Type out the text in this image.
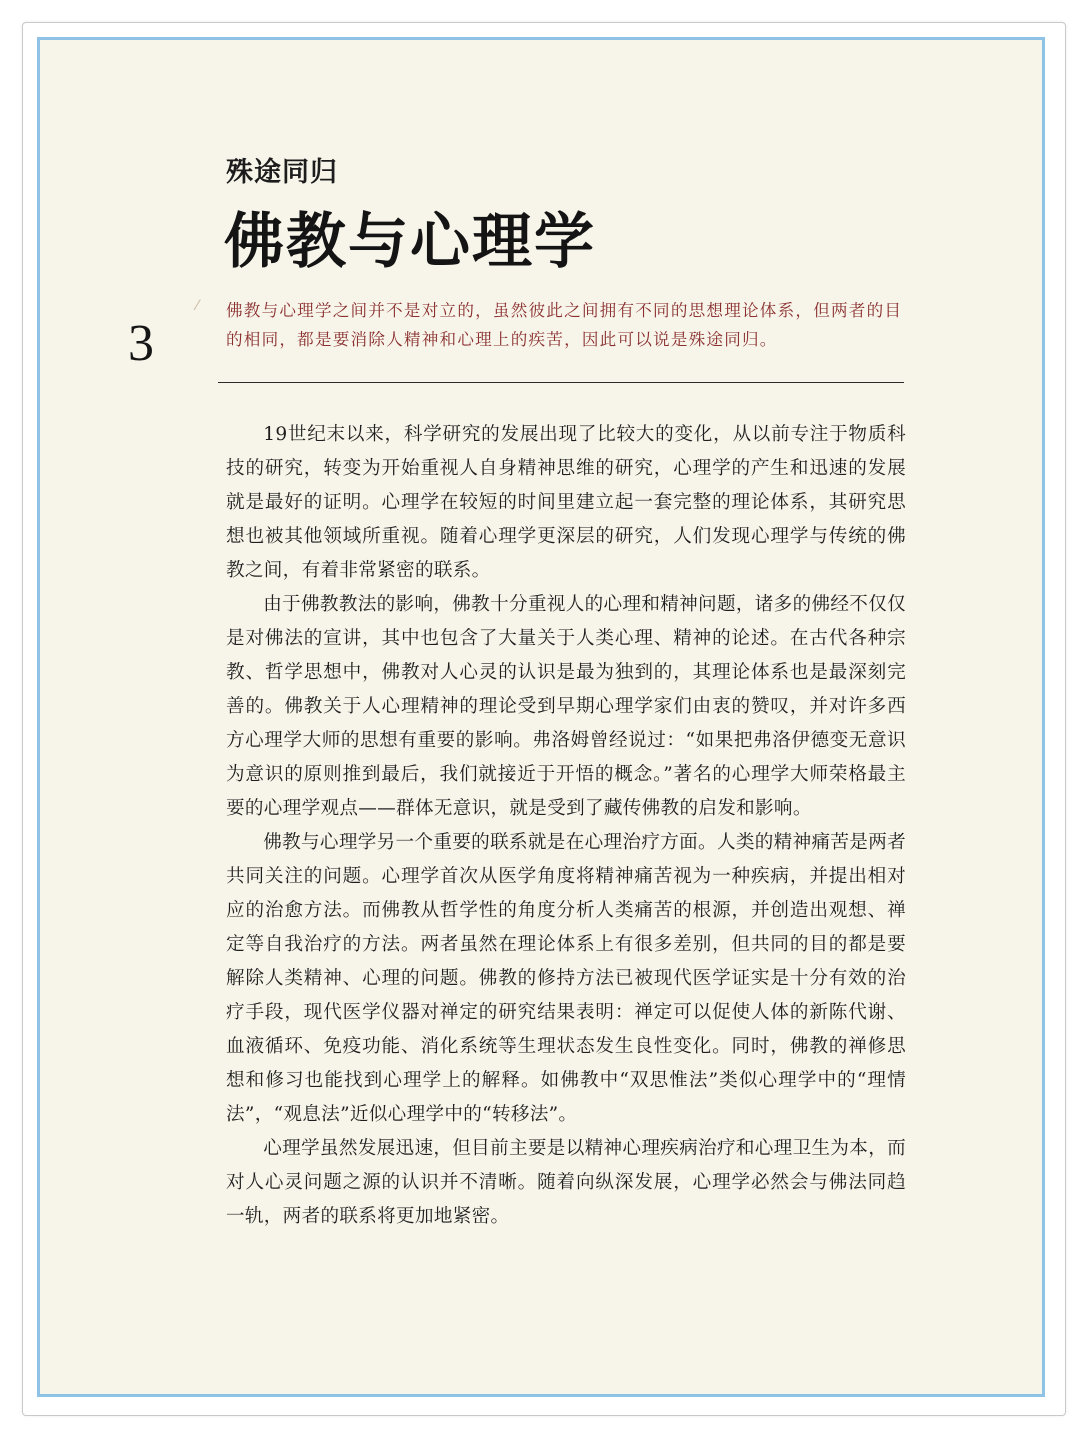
殊途同归
佛教与心理学
3
⁄ 佛教与心理学之间并不是对立的，虽然彼此之间拥有不同的思想理论体系，但两者的目的相同，都是要消除人精神和心理上的疾苦，因此可以说是殊途同归。

19世纪末以来，科学研究的发展出现了比较大的变化，从以前专注于物质科技的研究，转变为开始重视人自身精神思维的研究，心理学的产生和迅速的发展就是最好的证明。心理学在较短的时间里建立起一套完整的理论体系，其研究思想也被其他领域所重视。随着心理学更深层的研究，人们发现心理学与传统的佛教之间，有着非常紧密的联系。

由于佛教教法的影响，佛教十分重视人的心理和精神问题，诸多的佛经不仅仅是对佛法的宣讲，其中也包含了大量关于人类心理、精神的论述。在古代各种宗教、哲学思想中，佛教对人心灵的认识是最为独到的，其理论体系也是最深刻完善的。佛教关于人心理精神的理论受到早期心理学家们由衷的赞叹，并对许多西方心理学大师的思想有重要的影响。弗洛姆曾经说过：“如果把弗洛伊德变无意识为意识的原则推到最后，我们就接近于开悟的概念。”著名的心理学大师荣格最主要的心理学观点——群体无意识，就是受到了藏传佛教的启发和影响。

佛教与心理学另一个重要的联系就是在心理治疗方面。人类的精神痛苦是两者共同关注的问题。心理学首次从医学角度将精神痛苦视为一种疾病，并提出相对应的治愈方法。而佛教从哲学性的角度分析人类痛苦的根源，并创造出观想、禅定等自我治疗的方法。两者虽然在理论体系上有很多差别，但共同的目的都是要解除人类精神、心理的问题。佛教的修持方法已被现代医学证实是十分有效的治疗手段，现代医学仪器对禅定的研究结果表明：禅定可以促使人体的新陈代谢、血液循环、免疫功能、消化系统等生理状态发生良性变化。同时，佛教的禅修思想和修习也能找到心理学上的解释。如佛教中“双思惟法”类似心理学中的“理情法”，“观息法”近似心理学中的“转移法”。

心理学虽然发展迅速，但目前主要是以精神心理疾病治疗和心理卫生为本，而对人心灵问题之源的认识并不清晰。随着向纵深发展，心理学必然会与佛法同趋一轨，两者的联系将更加地紧密。
